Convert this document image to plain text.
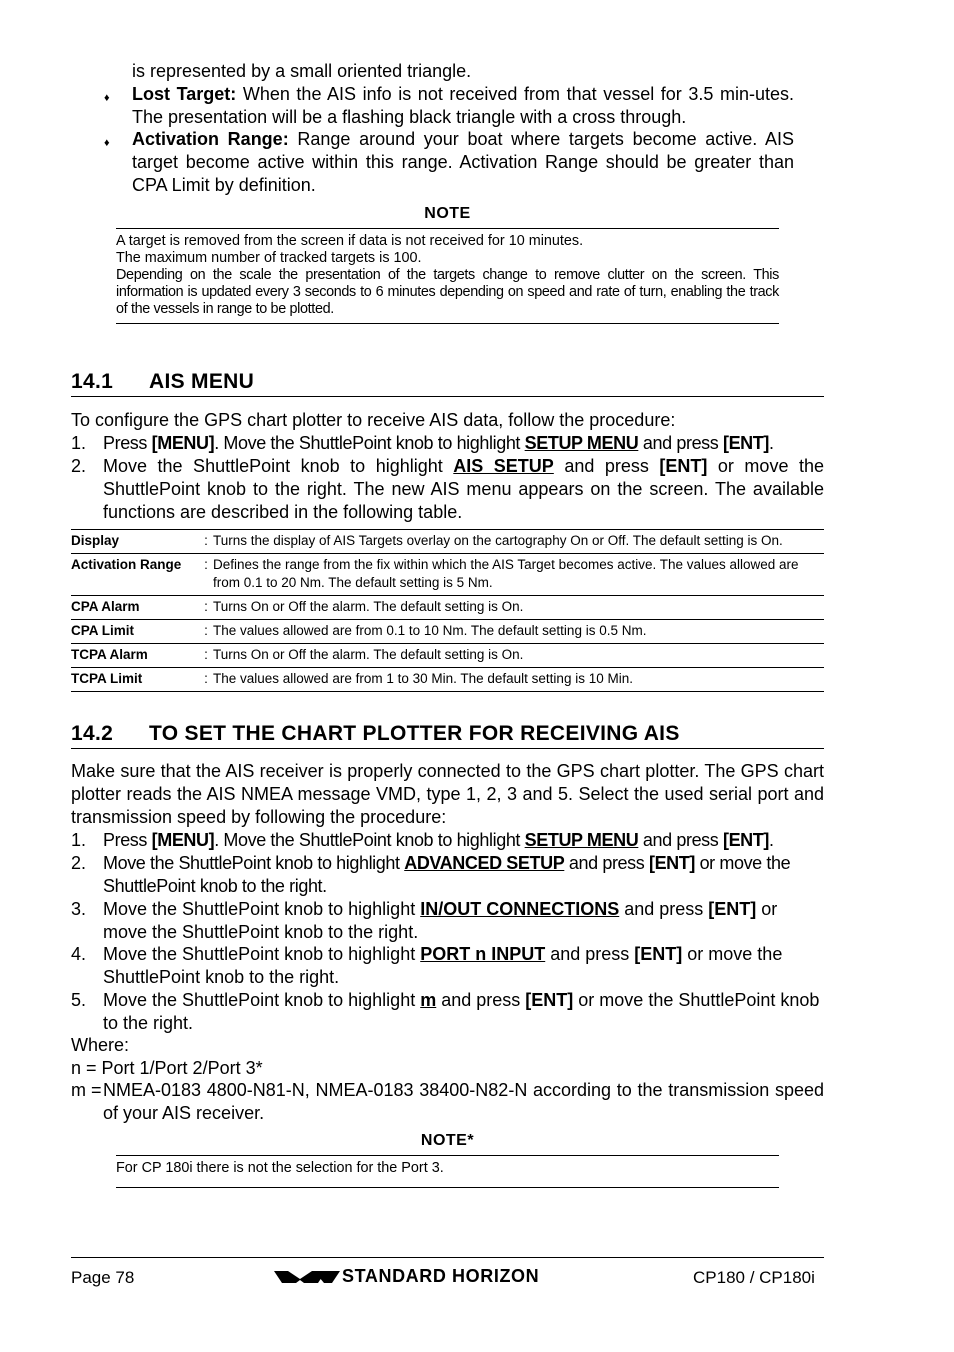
is represented by a small oriented triangle.
♦ Lost Target: When the AIS info is not received from that vessel for 3.5 min-utes. The presentation will be a flashing black triangle with a cross through.
♦ Activation Range: Range around your boat where targets become active. AIS target become active within this range. Activation Range should be greater than CPA Limit by definition.
NOTE
A target is removed from the screen if data is not received for 10 minutes.
The maximum number of tracked targets is 100.
Depending on the scale the presentation of the targets change to remove clutter on the screen. This information is updated every 3 seconds to 6 minutes depending on speed and rate of turn, enabling the track of the vessels in range to be plotted.
14.1 AIS MENU
To configure the GPS chart plotter to receive AIS data, follow the procedure:
1. Press [MENU]. Move the ShuttlePoint knob to highlight SETUP MENU and press [ENT].
2. Move the ShuttlePoint knob to highlight AIS SETUP and press [ENT] or move the ShuttlePoint knob to the right. The new AIS menu appears on the screen. The available functions are described in the following table.
Display	:	Turns the display of AIS Targets overlay on the cartography On or Off. The default setting is On.
Activation Range	:	Defines the range from the fix within which the AIS Target becomes active. The values allowed are from 0.1 to 20 Nm. The default setting is 5 Nm.
CPA Alarm	:	Turns On or Off the alarm. The default setting is On.
CPA Limit	:	The values allowed are from 0.1 to 10 Nm. The default setting is 0.5 Nm.
TCPA Alarm	:	Turns On or Off the alarm. The default setting is On.
TCPA Limit	:	The values allowed are from 1 to 30 Min. The default setting is 10 Min.
14.2 TO SET THE CHART PLOTTER FOR RECEIVING AIS
Make sure that the AIS receiver is properly connected to the GPS chart plotter. The GPS chart plotter reads the AIS NMEA message VMD, type 1, 2, 3 and 5. Select the used serial port and transmission speed by following the procedure:
1. Press [MENU]. Move the ShuttlePoint knob to highlight SETUP MENU and press [ENT].
2. Move the ShuttlePoint knob to highlight ADVANCED SETUP and press [ENT] or move the ShuttlePoint knob to the right.
3. Move the ShuttlePoint knob to highlight IN/OUT CONNECTIONS and press [ENT] or move the ShuttlePoint knob to the right.
4. Move the ShuttlePoint knob to highlight PORT n INPUT and press [ENT] or move the ShuttlePoint knob to the right.
5. Move the ShuttlePoint knob to highlight m and press [ENT] or move the ShuttlePoint knob to the right.
Where:
n = Port 1/Port 2/Port 3*
m = NMEA-0183 4800-N81-N, NMEA-0183 38400-N82-N according to the transmission speed of your AIS receiver.
NOTE*
For CP 180i there is not the selection for the Port 3.
Page 78	STANDARD HORIZON	CP180 / CP180i
